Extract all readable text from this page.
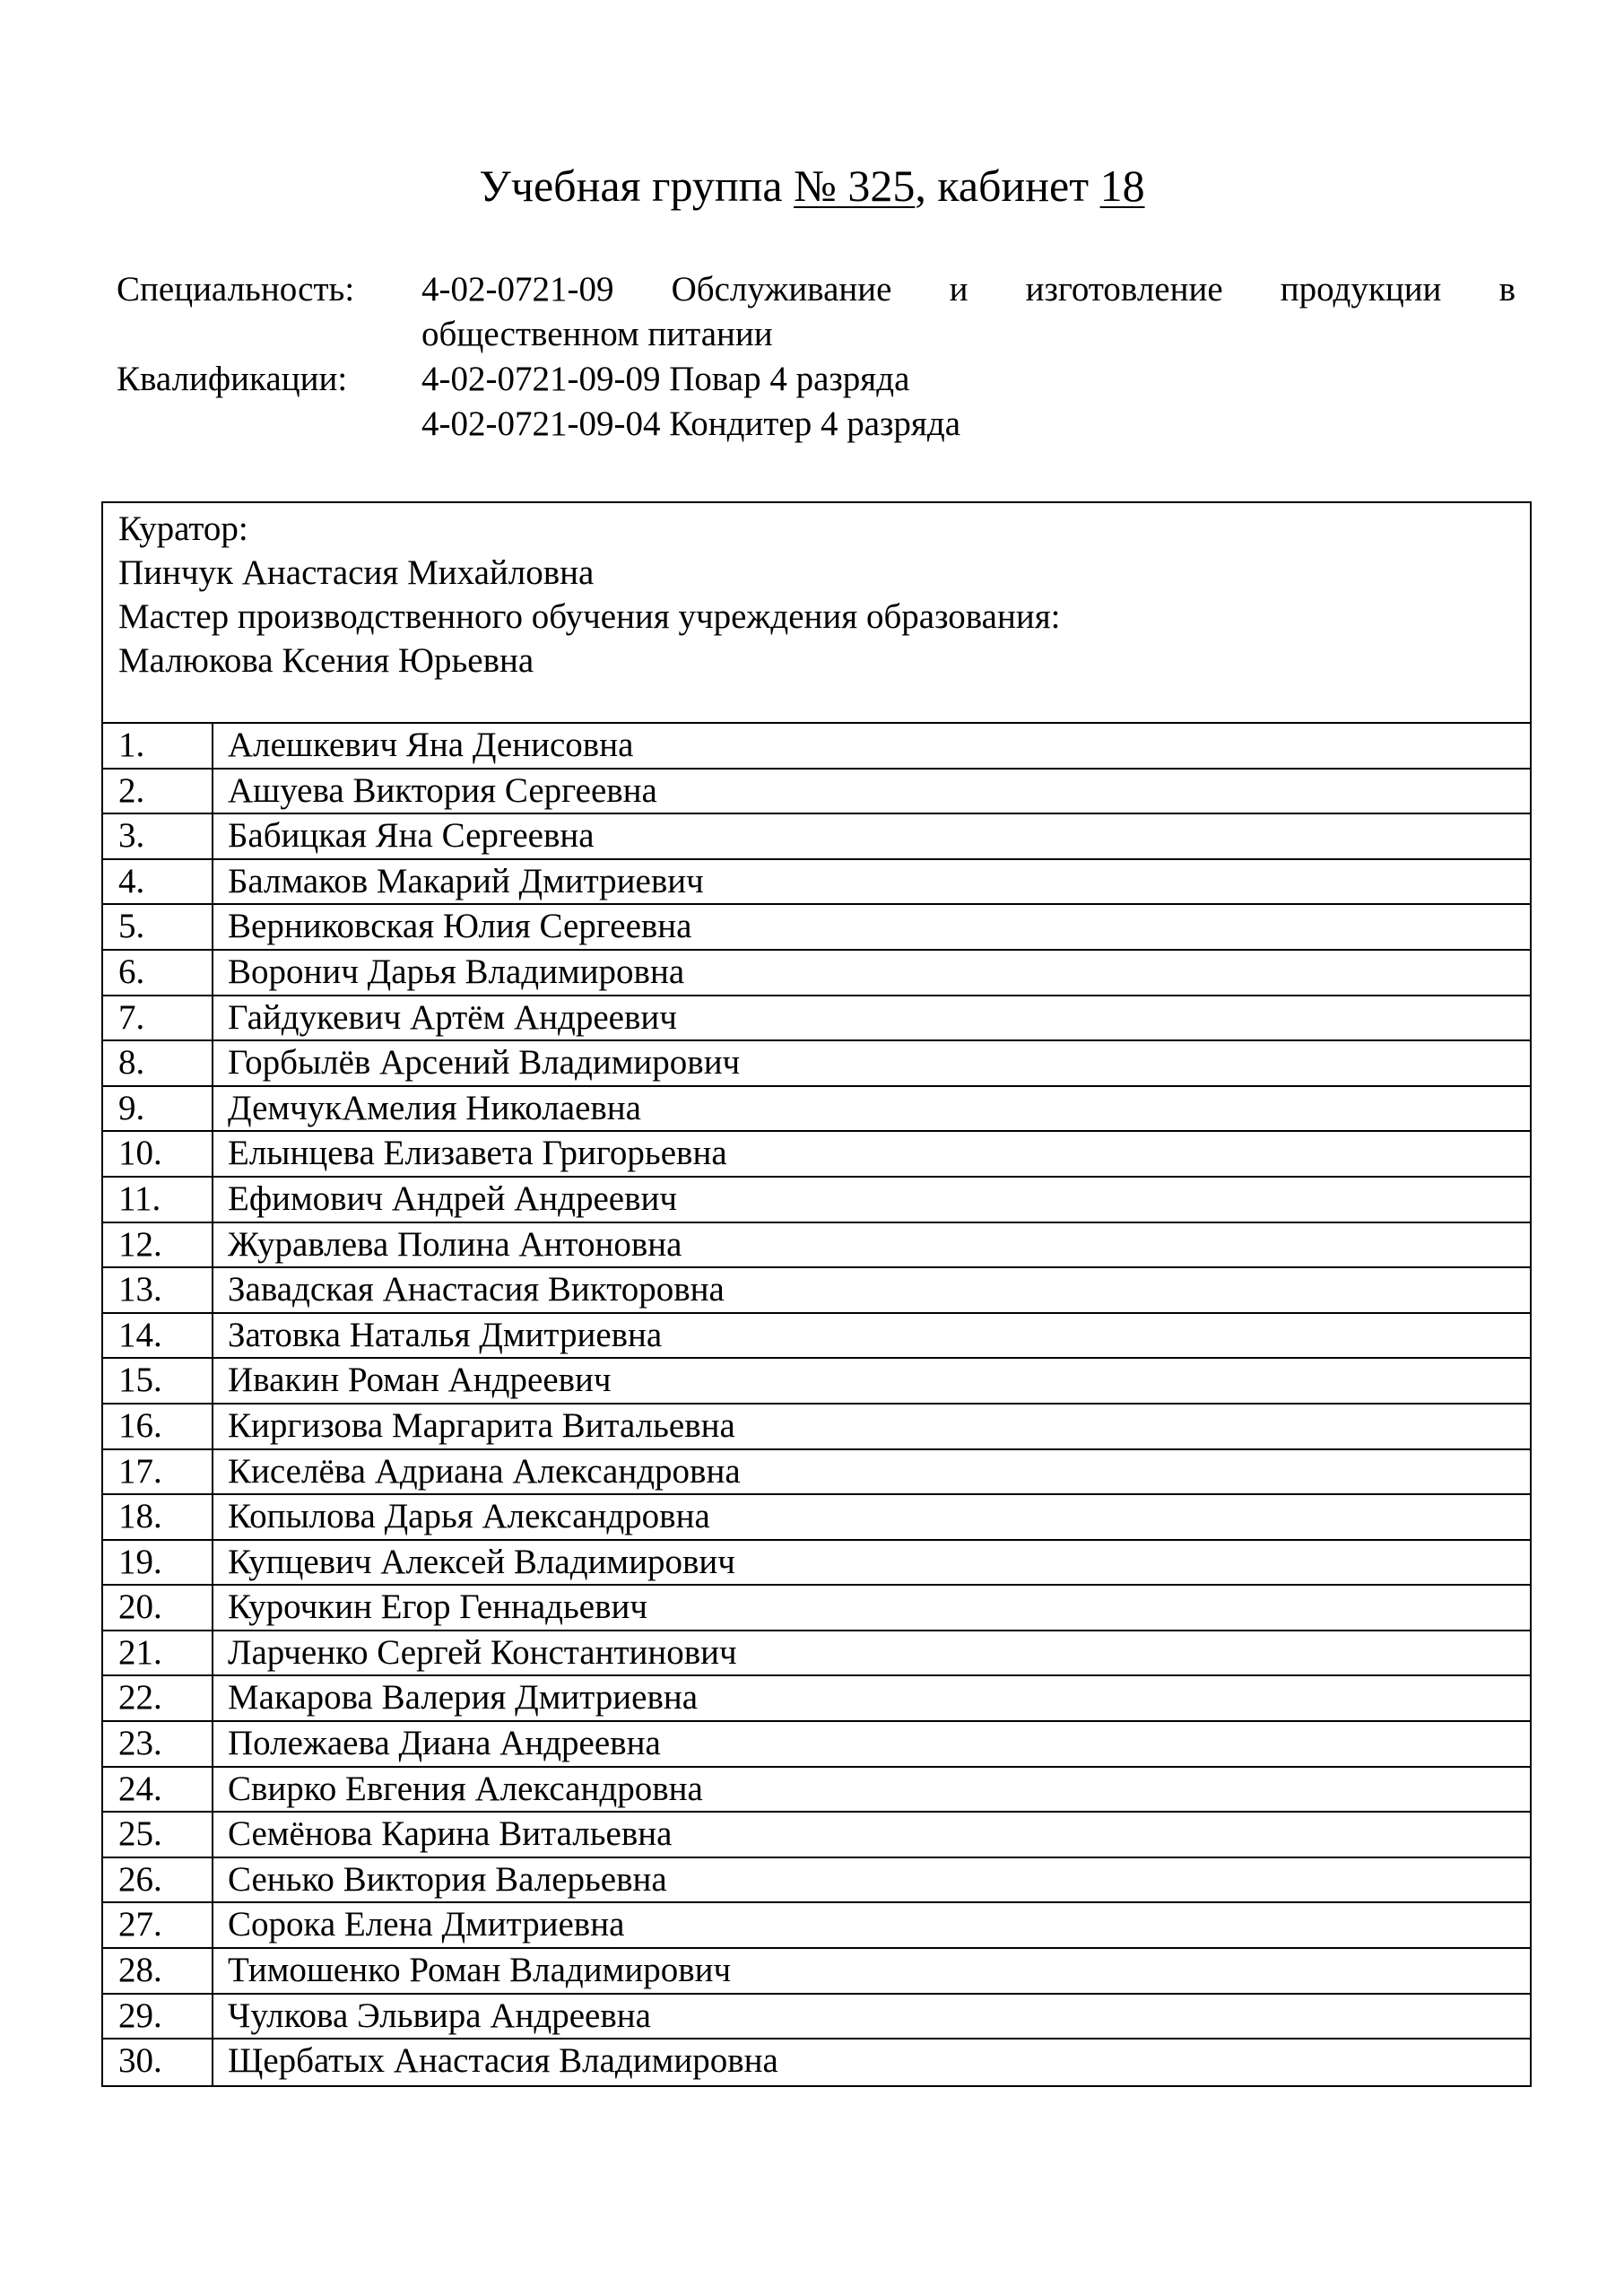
Учебная группа № 325, кабинет 18
Специальность:	4-02-0721-09 Обслуживание и изготовление продукции в
общественном питании
Квалификации:	4-02-0721-09-09 Повар 4 разряда
4-02-0721-09-04 Кондитер 4 разряда
Куратор:
Пинчук Анастасия Михайловна
Мастер производственного обучения учреждения образования:
Малюкова Ксения Юрьевна
1.	Алешкевич Яна Денисовна
2.	Ашуева Виктория Сергеевна
3.	Бабицкая Яна Сергеевна
4.	Балмаков Макарий Дмитриевич
5.	Верниковская Юлия Сергеевна
6.	Воронич Дарья Владимировна
7.	Гайдукевич Артём Андреевич
8.	Горбылёв Арсений Владимирович
9.	ДемчукАмелия Николаевна
10.	Елынцева Елизавета Григорьевна
11.	Ефимович Андрей Андреевич
12.	Журавлева Полина Антоновна
13.	Завадская Анастасия Викторовна
14.	Затовка Наталья Дмитриевна
15.	Ивакин Роман Андреевич
16.	Киргизова Маргарита Витальевна
17.	Киселёва Адриана Александровна
18.	Копылова Дарья Александровна
19.	Купцевич Алексей Владимирович
20.	Курочкин Егор Геннадьевич
21.	Ларченко Сергей Константинович
22.	Макарова Валерия Дмитриевна
23.	Полежаева Диана Андреевна
24.	Свирко Евгения Александровна
25.	Семёнова Карина Витальевна
26.	Сенько Виктория Валерьевна
27.	Сорока Елена Дмитриевна
28.	Тимошенко Роман Владимирович
29.	Чулкова Эльвира Андреевна
30.	Щербатых Анастасия Владимировна
